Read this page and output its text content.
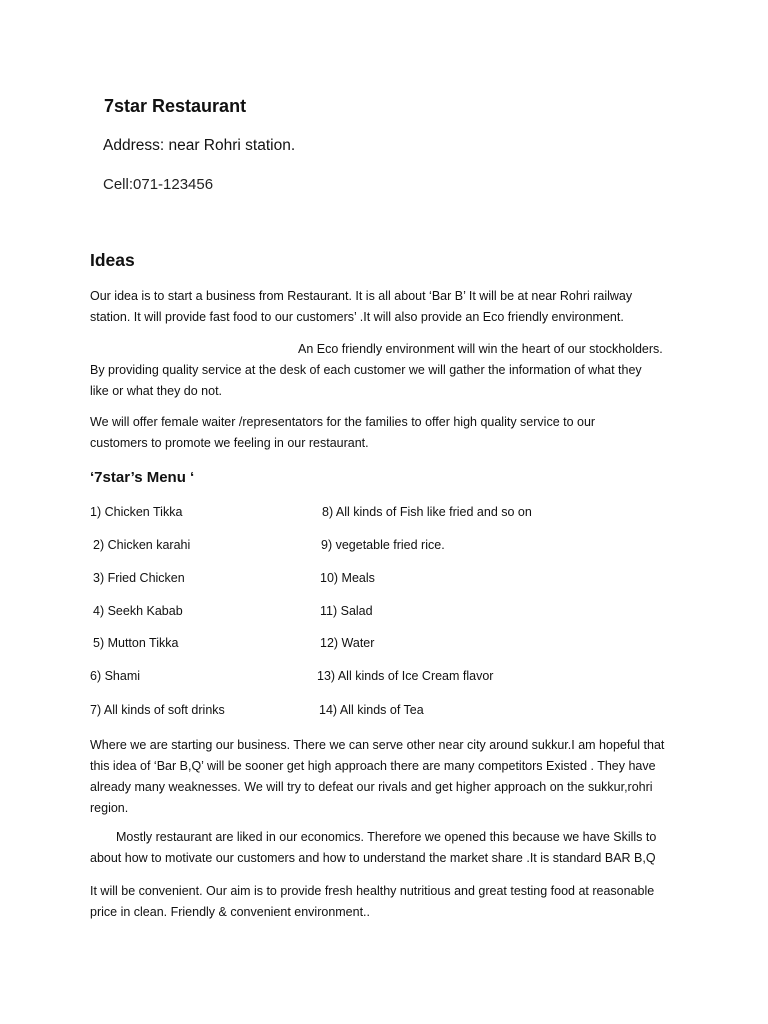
7star Restaurant
Address: near Rohri station.
Cell:071-123456
Ideas
Our idea is to start a business from Restaurant. It is all about ‘Bar B’ It will be at near Rohri railway
station. It will provide fast food to our customers’ .It will also provide an Eco friendly environment.
An Eco friendly environment will win the heart of our stockholders.
By providing quality service at the desk of each customer we will gather the information of what they
like or what they do not.
We will offer female waiter /representators for the families to offer high quality service to our
customers to promote we feeling in our restaurant.
‘7star’s Menu ‘
1) Chicken Tikka
2) Chicken karahi
3) Fried Chicken
4) Seekh Kabab
5) Mutton Tikka
6) Shami
7) All kinds of soft drinks
8) All kinds of Fish like fried and so on
9) vegetable fried rice.
10) Meals
11) Salad
12) Water
13) All kinds of Ice Cream flavor
14) All kinds of Tea
Where we are starting our business. There we can serve other near city around sukkur.I am hopeful that
this idea of ‘Bar B,Q’ will be sooner get high approach there are many competitors Existed . They have
already many weaknesses. We will try to defeat our rivals and get higher approach on the sukkur,rohri
region.
Mostly restaurant are liked in our economics. Therefore we opened this because we have Skills to
about how to motivate our customers and how to understand the market share .It is standard BAR B,Q
It will be convenient. Our aim is to provide fresh healthy nutritious and great testing food at reasonable
price in clean. Friendly & convenient environment..
